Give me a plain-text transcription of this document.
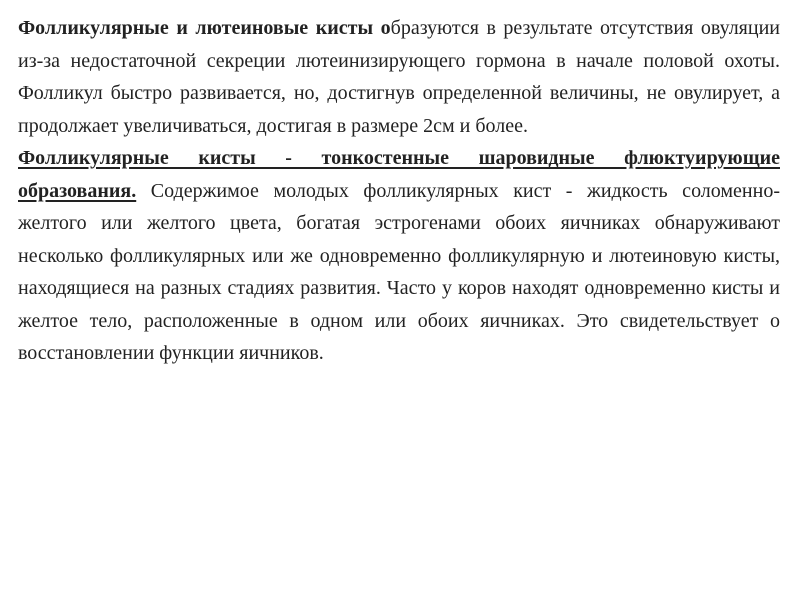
Фолликулярные и лютеиновые кисты образуются в результате отсутствия овуляции из-за недостаточной секреции лютеинизирующего гормона в начале половой охоты. Фолликул быстро развивается, но, достигнув определенной величины, не овулирует, а продолжает увеличиваться, достигая в размере 2см и более.

Фолликулярные кисты - тонкостенные шаровидные флюктуирующие образования. Содержимое молодых фолликулярных кист - жидкость соломенно-желтого или желтого цвета, богатая эстрогенами обоих яичниках обнаруживают несколько фолликулярных или же одновременно фолликулярную и лютеиновую кисты, находящиеся на разных стадиях развития. Часто у коров находят одновременно кисты и желтое тело, расположенные в одном или обоих яичниках. Это свидетельствует о восстановлении функции яичников.
